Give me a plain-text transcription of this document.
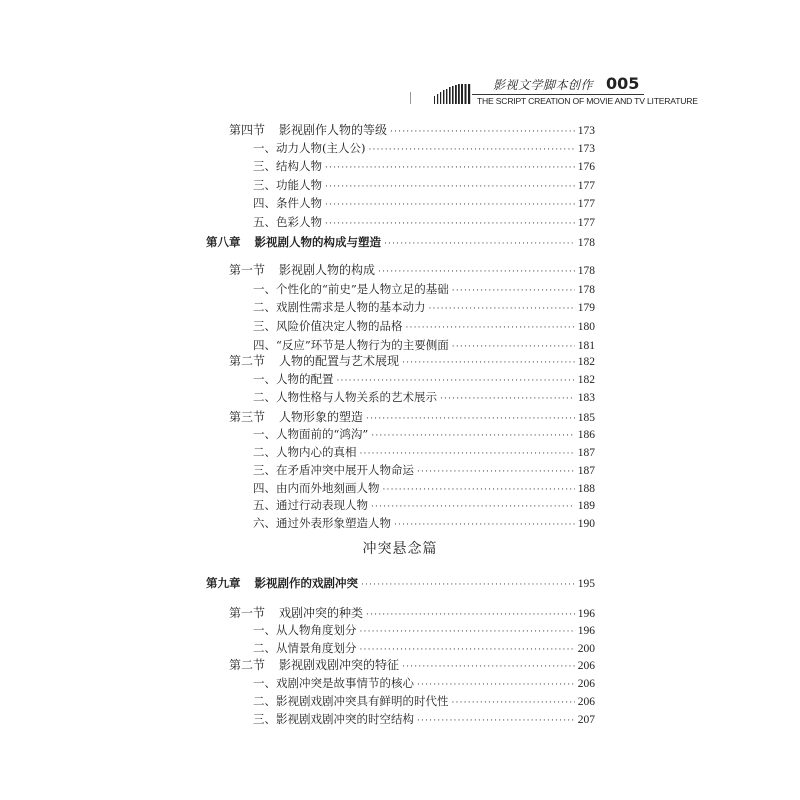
影视文学脚本创作 005
THE SCRIPT CREATION OF MOVIE AND TV LITERATURE
第四节 影视剧作人物的等级 ·····	173
一、动力人物(主人公) ·····	173
三、结构人物 ·····	176
三、功能人物 ·····	177
四、条件人物 ·····	177
五、色彩人物 ·····	177
第八章 影视剧人物的构成与塑造 ·····	178
第一节 影视剧人物的构成 ·····	178
一、个性化的“前史”是人物立足的基础 ·····	178
二、戏剧性需求是人物的基本动力 ·····	179
三、风险价值决定人物的品格 ·····	180
四、“反应”环节是人物行为的主要侧面 ·····	181
第二节 人物的配置与艺术展现 ·····	182
一、人物的配置 ·····	182
二、人物性格与人物关系的艺术展示 ·····	183
第三节 人物形象的塑造 ·····	185
一、人物面前的“鸿沟” ·····	186
二、人物内心的真相 ·····	187
三、在矛盾冲突中展开人物命运 ·····	187
四、由内而外地刻画人物 ·····	188
五、通过行动表现人物 ·····	189
六、通过外表形象塑造人物 ·····	190
第九章 影视剧作的戏剧冲突 ·····	195
第一节 戏剧冲突的种类 ·····	196
一、从人物角度划分 ·····	196
二、从情景角度划分 ·····	200
第二节 影视剧戏剧冲突的特征 ·····	206
一、戏剧冲突是故事情节的核心 ·····	206
二、影视剧戏剧冲突具有鲜明的时代性 ·····	206
三、影视剧戏剧冲突的时空结构 ·····	207
冲突悬念篇
